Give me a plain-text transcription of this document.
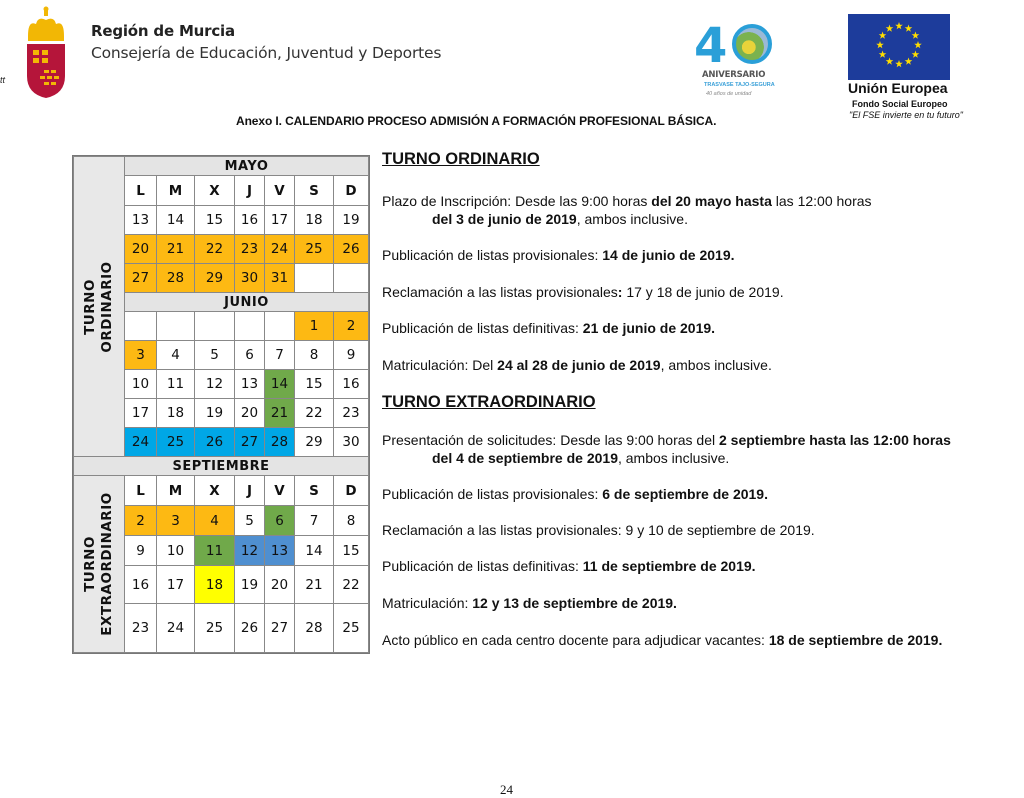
tt
Región de Murcia
Consejería de Educación, Juventud y Deportes	4
ANIVERSARIO
TRASVASE TAJO-SEGURA
40 años de unidad	Unión Europea
Fondo Social Europeo
"El FSE invierte en tu futuro"
Anexo I. CALENDARIO PROCESO ADMISIÓN A FORMACIÓN PROFESIONAL BÁSICA.
TURNO ORDINARIO	MAYO						
	L	M	X	J	V	S	D
	13	14	15	16	17	18	19
	20	21	22	23	24	25	26
	27	28	29	30	31		
	JUNIO						
						1	2
	3	4	5	6	7	8	9
	10	11	12	13	14	15	16
	17	18	19	20	21	22	23
	24	25	26	27	28	29	30
SEPTIEMBRE							

TURNO EXTRAORDINARIO	L	M	X	J	V	S	D
	2	3	4	5	6	7	8
	9	10	11	12	13	14	15
	16	17	18	19	20	21	22
	23	24	25	26	27	28	25
TURNO ORDINARIO
Plazo de Inscripción: Desde las 9:00 horas del 20 mayo hasta las 12:00 horas
del 3 de junio de 2019, ambos inclusive.
Publicación de listas provisionales: 14 de junio de 2019.
Reclamación a las listas provisionales: 17 y 18 de junio de 2019.
Publicación de listas definitivas: 21 de junio de 2019.
Matriculación: Del 24 al 28 de junio de 2019, ambos inclusive.
TURNO EXTRAORDINARIO
Presentación de solicitudes: Desde las 9:00 horas del 2 septiembre hasta las 12:00 horas
del 4 de septiembre de 2019, ambos inclusive.
Publicación de listas provisionales: 6 de septiembre de 2019.
Reclamación a las listas provisionales: 9 y 10 de septiembre de 2019.
Publicación de listas definitivas: 11 de septiembre de 2019.
Matriculación: 12 y 13 de septiembre de 2019.
Acto público en cada centro docente para adjudicar vacantes: 18 de septiembre de 2019.
24
